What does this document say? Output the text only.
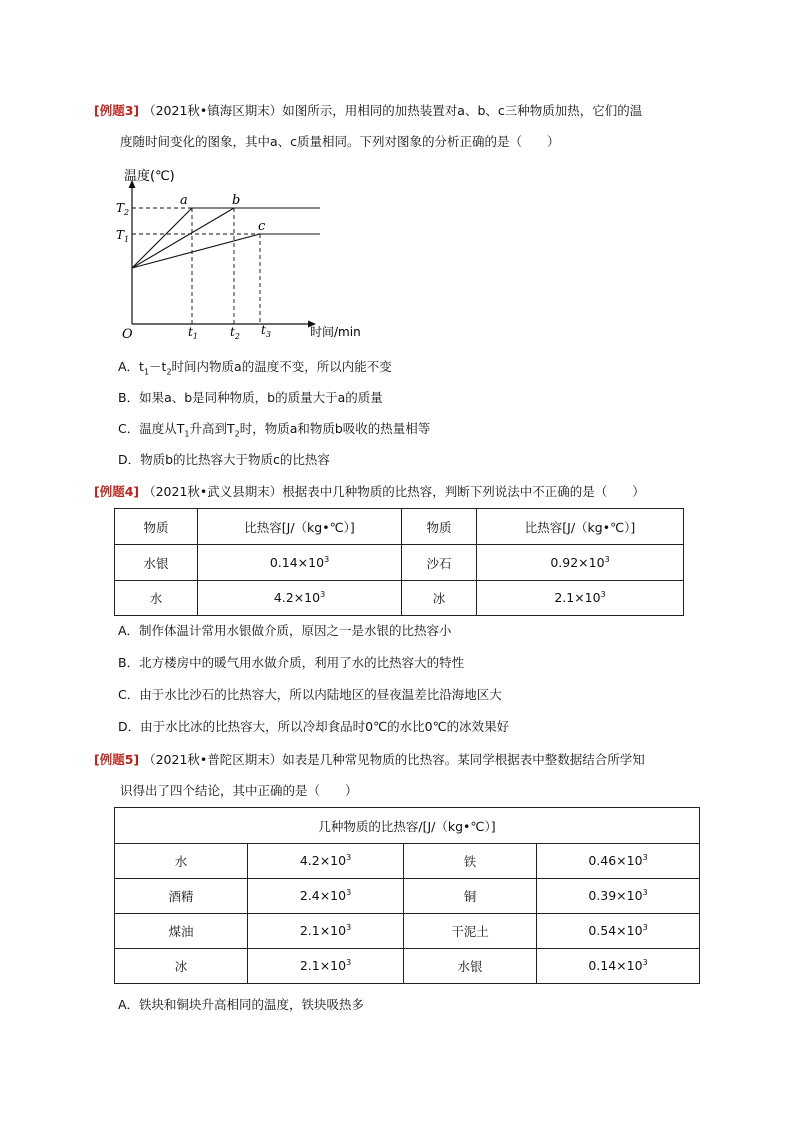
[例题3] （2021秋•镇海区期末）如图所示，用相同的加热装置对a、b、c三种物质加热，它们的温
度随时间变化的图象，其中a、c质量相同。下列对图象的分析正确的是（　　）
温度(℃)
O	时间/min
$T_2$
$T_1$
$t_1$	$t_2$ $t_3$
a	b
c
A．$t_1-t_2$时间内物质a的温度不变，所以内能不变
B．如果a、b是同种物质，b的质量大于a的质量
C．温度从$T_1$升高到$T_2$时，物质a和物质b吸收的热量相等
D．物质b的比热容大于物质c的比热容
[例题4] （2021秋•武义县期末）根据表中几种物质的比热容，判断下列说法中不正确的是（　　）
物质	比热容[J/（kg•℃）]	物质	比热容[J/（kg•℃）]
水银	$0.14\times 10^3$	沙石	$0.92\times 10^3$
水	$4.2\times 10^3$	冰	$2.1\times 10^3$
A．制作体温计常用水银做介质，原因之一是水银的比热容小
B．北方楼房中的暖气用水做介质，利用了水的比热容大的特性
C．由于水比沙石的比热容大，所以内陆地区的昼夜温差比沿海地区大
D．由于水比冰的比热容大，所以冷却食品时0℃的水比0℃的冰效果好
[例题5] （2021秋•普陀区期末）如表是几种常见物质的比热容。某同学根据表中整数据结合所学知
识得出了四个结论，其中正确的是（　　）
几种物质的比热容/[J/（kg•℃）]			
水	$4.2\times 10^3$	铁	$0.46\times 10^3$
酒精	$2.4\times 10^3$	铜	$0.39\times 10^3$
煤油	$2.1\times 10^3$	干泥土	$0.54\times 10^3$
冰	$2.1\times 10^3$	水银	$0.14\times 10^3$
A．铁块和铜块升高相同的温度，铁块吸热多
